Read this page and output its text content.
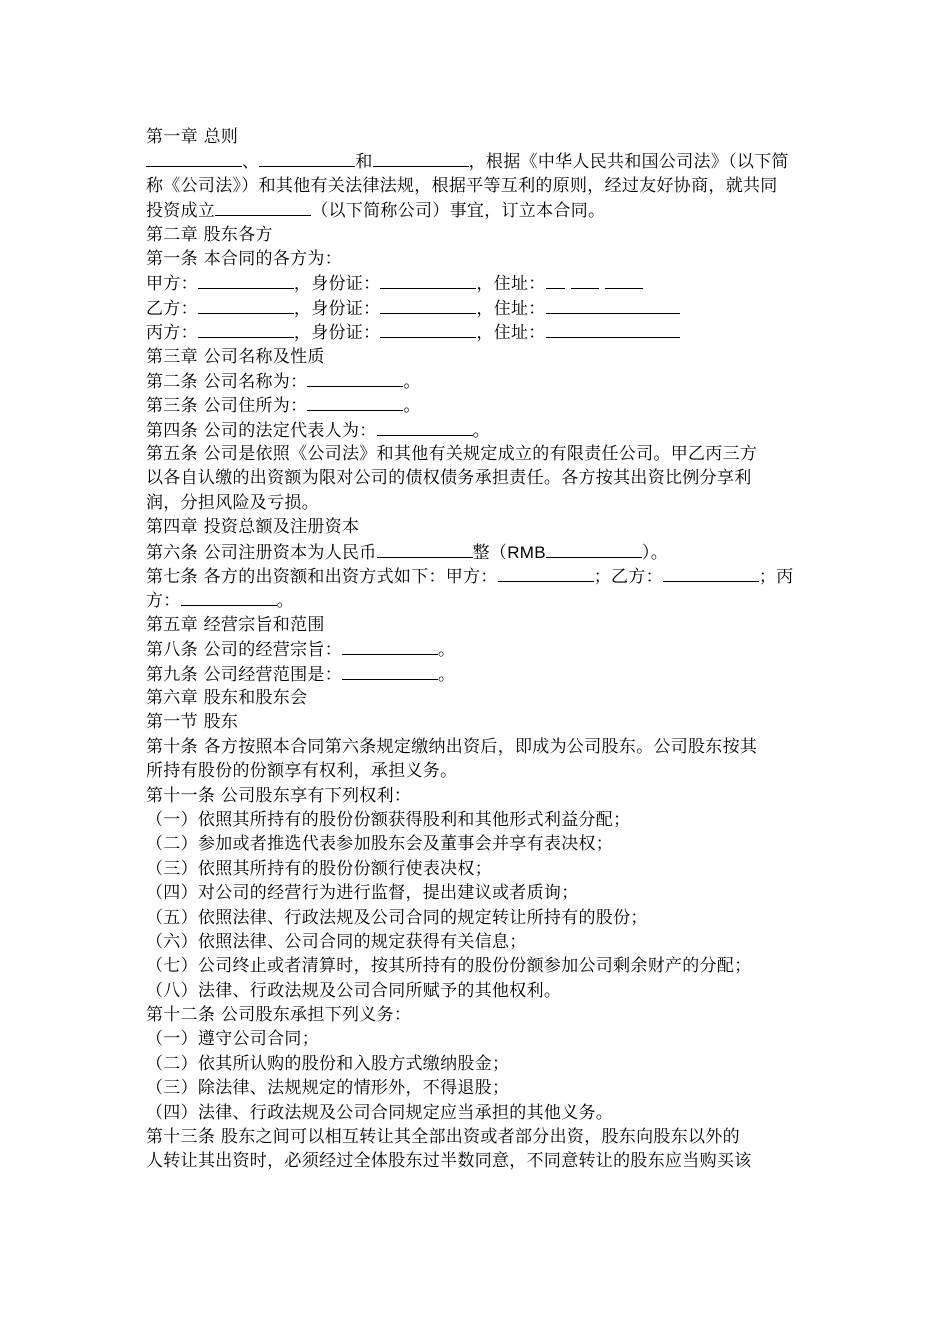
第一章 总则
、	和	，根据《中华人民共和国公司法》（以下简
称《公司法》）和其他有关法律法规，根据平等互利的原则，经过友好协商，就共同
投资成立	（以下简称公司）事宜，订立本合同。
第二章 股东各方
第一条 本合同的各方为：
甲方：	，身份证：	，住址：
乙方：	，身份证：	，住址：
丙方：	，身份证：	，住址：
第三章 公司名称及性质
第二条 公司名称为：	。
第三条 公司住所为：	。
第四条 公司的法定代表人为：	。
第五条 公司是依照《公司法》和其他有关规定成立的有限责任公司。甲乙丙三方
以各自认缴的出资额为限对公司的债权债务承担责任。各方按其出资比例分享利
润，分担风险及亏损。
第四章 投资总额及注册资本
第六条 公司注册资本为人民币	整（RMB	）。
第七条 各方的出资额和出资方式如下：甲方：	；乙方：	；丙
方：	。
第五章 经营宗旨和范围
第八条 公司的经营宗旨：	。
第九条 公司经营范围是：	。
第六章 股东和股东会
第一节 股东
第十条 各方按照本合同第六条规定缴纳出资后，即成为公司股东。公司股东按其
所持有股份的份额享有权利，承担义务。
第十一条 公司股东享有下列权利：
（一）依照其所持有的股份份额获得股利和其他形式利益分配；
（二）参加或者推选代表参加股东会及董事会并享有表决权；
（三）依照其所持有的股份份额行使表决权；
（四）对公司的经营行为进行监督，提出建议或者质询；
（五）依照法律、行政法规及公司合同的规定转让所持有的股份；
（六）依照法律、公司合同的规定获得有关信息；
（七）公司终止或者清算时，按其所持有的股份份额参加公司剩余财产的分配；
（八）法律、行政法规及公司合同所赋予的其他权利。
第十二条 公司股东承担下列义务：
（一）遵守公司合同；
（二）依其所认购的股份和入股方式缴纳股金；
（三）除法律、法规规定的情形外，不得退股；
（四）法律、行政法规及公司合同规定应当承担的其他义务。
第十三条 股东之间可以相互转让其全部出资或者部分出资，股东向股东以外的
人转让其出资时，必须经过全体股东过半数同意，不同意转让的股东应当购买该
